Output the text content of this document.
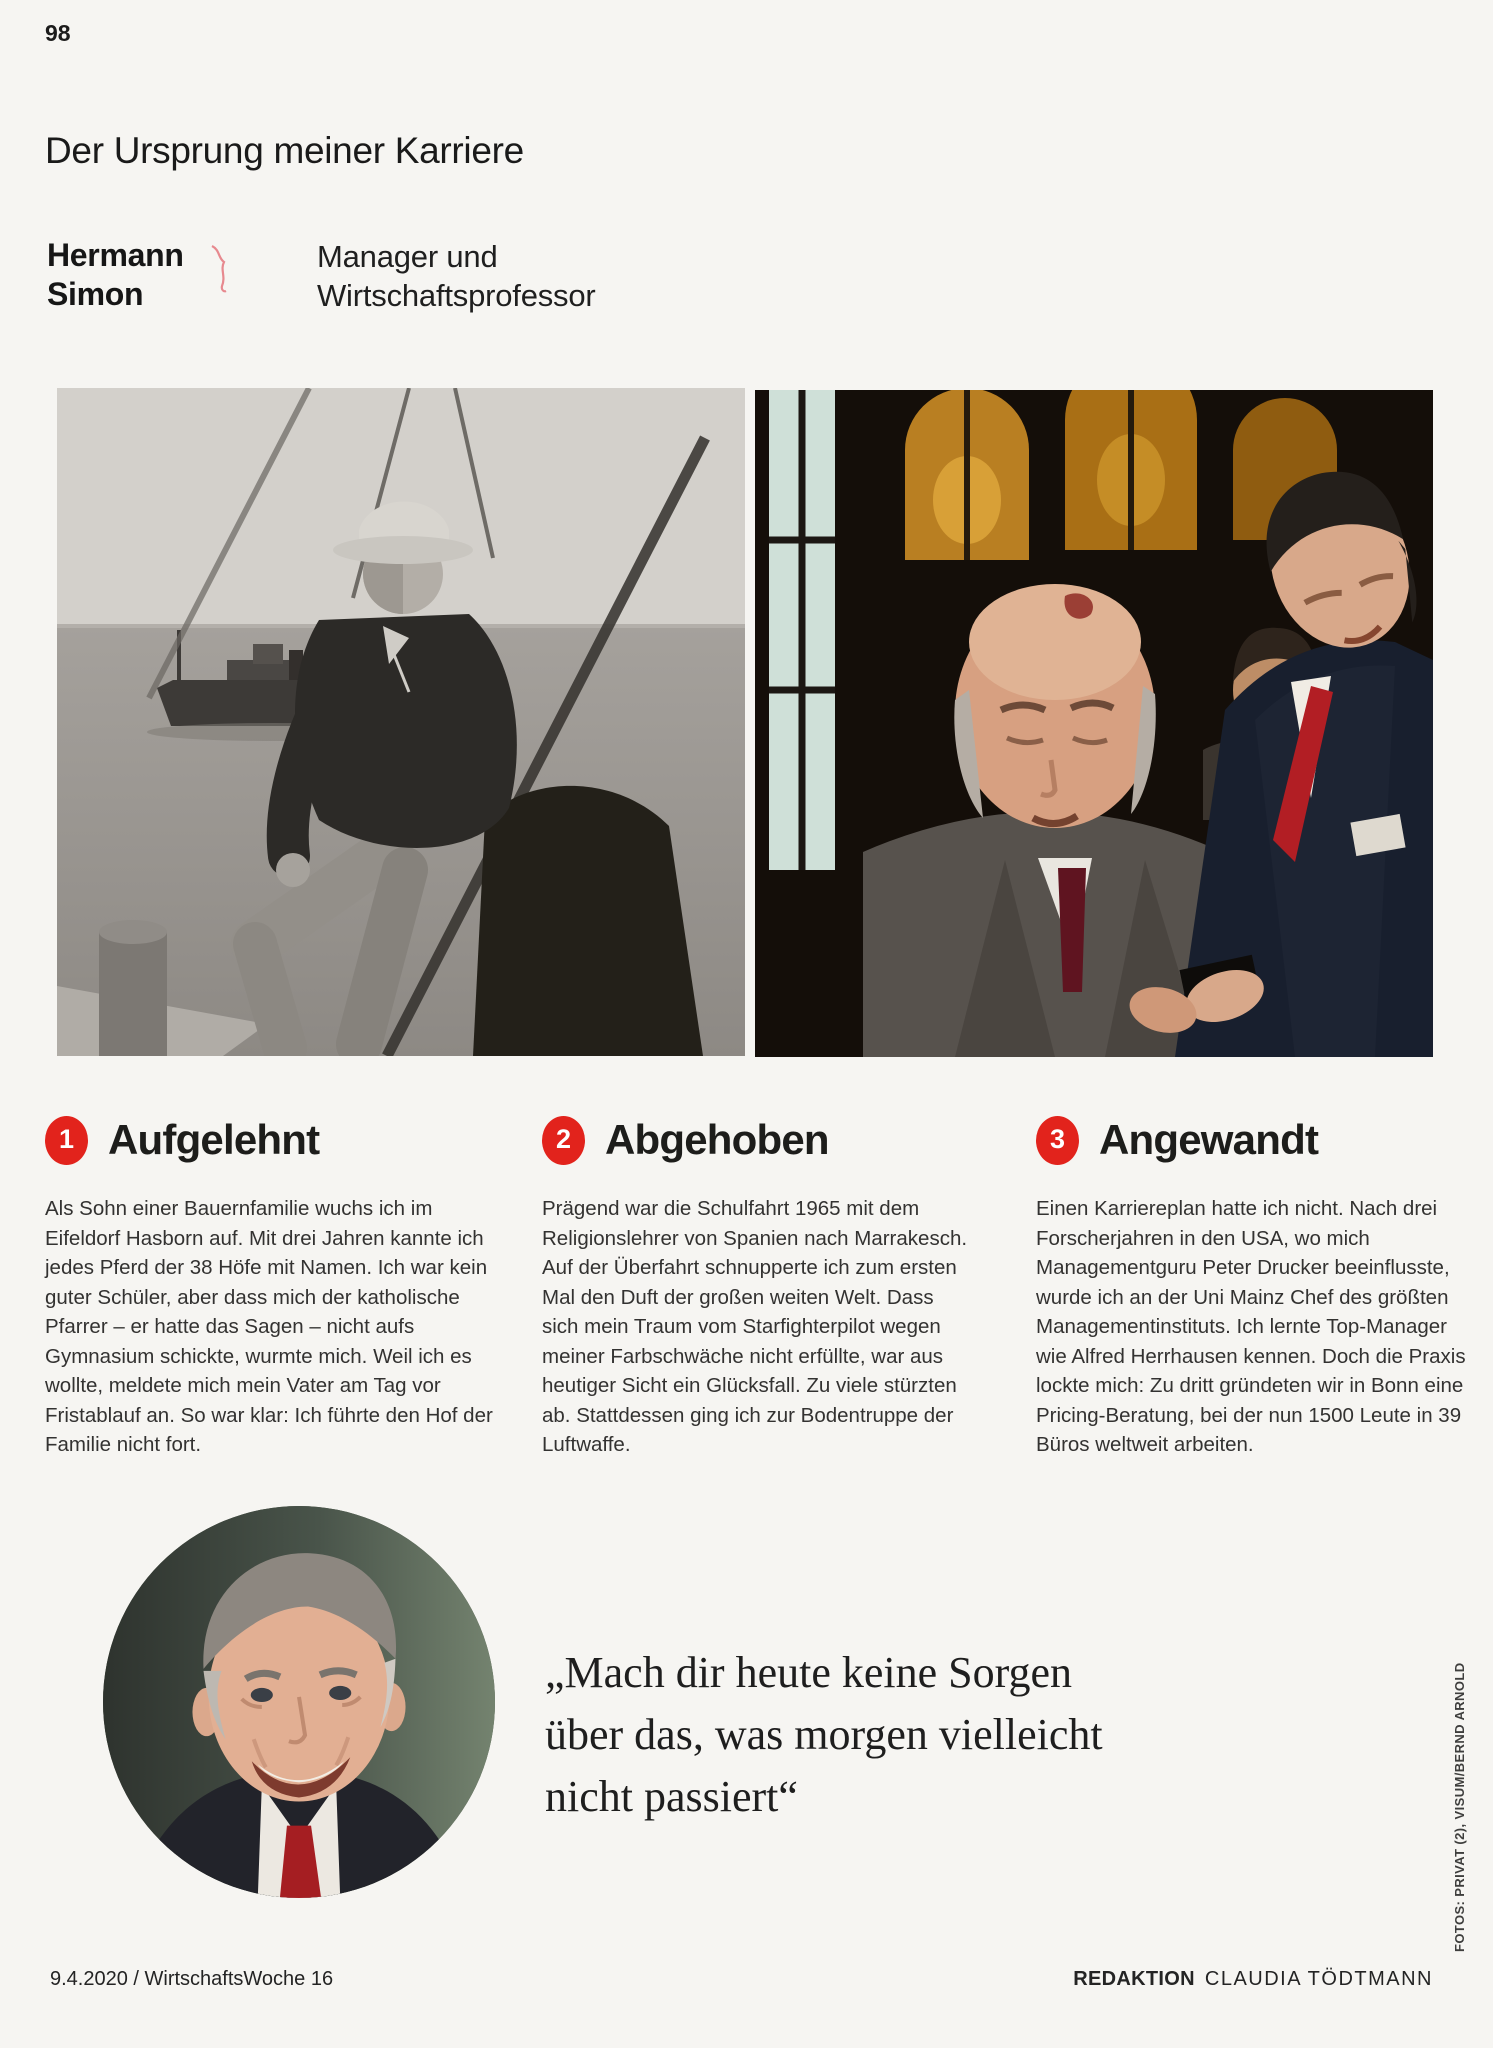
98
Der Ursprung meiner Karriere
Hermann
Simon
Manager und
Wirtschaftsprofessor
1 Aufgelehnt
Als Sohn einer Bauernfamilie wuchs ich im Eifeldorf Hasborn auf. Mit drei Jahren kannte ich jedes Pferd der 38 Höfe mit Namen. Ich war kein guter Schüler, aber dass mich der katholische Pfarrer – er hatte das Sagen – nicht aufs Gymnasium schickte, wurmte mich. Weil ich es wollte, meldete mich mein Vater am Tag vor Fristablauf an. So war klar: Ich führte den Hof der Familie nicht fort.
2 Abgehoben
Prägend war die Schulfahrt 1965 mit dem Religionslehrer von Spanien nach Marrakesch. Auf der Überfahrt schnupperte ich zum ersten Mal den Duft der großen weiten Welt. Dass sich mein Traum vom Starfighterpilot wegen meiner Farbschwäche nicht erfüllte, war aus heutiger Sicht ein Glücksfall. Zu viele stürzten ab. Stattdessen ging ich zur Bodentruppe der Luftwaffe.
3 Angewandt
Einen Karriereplan hatte ich nicht. Nach drei Forscherjahren in den USA, wo mich Managementguru Peter Drucker beeinflusste, wurde ich an der Uni Mainz Chef des größten Managementinstituts. Ich lernte Top-Manager wie Alfred Herrhausen kennen. Doch die Praxis lockte mich: Zu dritt gründeten wir in Bonn eine Pricing-Beratung, bei der nun 1500 Leute in 39 Büros weltweit arbeiten.
„Mach dir heute keine Sorgen
über das, was morgen vielleicht
nicht passiert“	FOTOS: PRIVAT (2), VISUM/BERND ARNOLD
9.4.2020 / WirtschaftsWoche 16	REDAKTION CLAUDIA TÖDTMANN
